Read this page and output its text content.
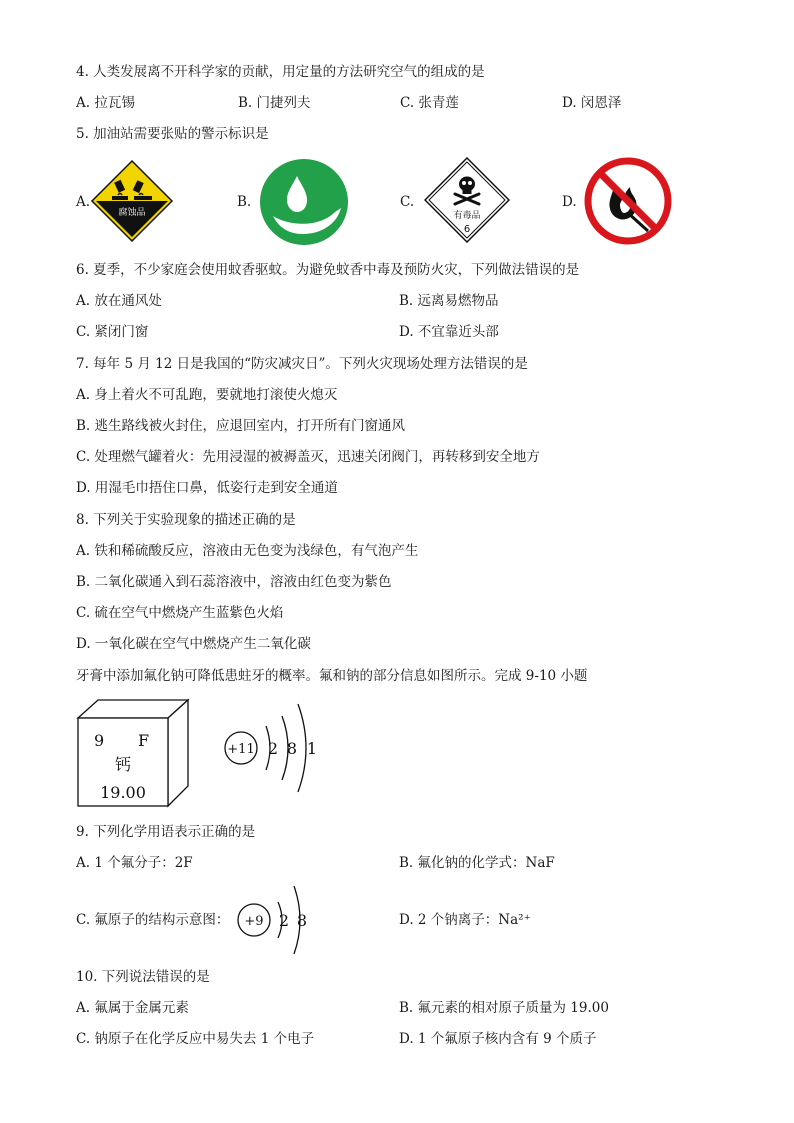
4. 人类发展离不开科学家的贡献，用定量的方法研究空气的组成的是
A. 拉瓦锡	B. 门捷列夫	C. 张青莲	D. 闵恩泽
5. 加油站需要张贴的警示标识是
A.
腐蚀品
B.	C.
有毒品
6
D.
6. 夏季，不少家庭会使用蚊香驱蚊。为避免蚊香中毒及预防火灾，下列做法错误的是
A. 放在通风处	B. 远离易燃物品
C. 紧闭门窗	D. 不宜靠近头部
7. 每年 5 月 12 日是我国的“防灾减灾日”。下列火灾现场处理方法错误的是
A. 身上着火不可乱跑，要就地打滚使火熄灭
B. 逃生路线被火封住，应退回室内，打开所有门窗通风
C. 处理燃气罐着火：先用浸湿的被褥盖灭，迅速关闭阀门，再转移到安全地方
D. 用湿毛巾捂住口鼻，低姿行走到安全通道
8. 下列关于实验现象的描述正确的是
A. 铁和稀硫酸反应，溶液由无色变为浅绿色，有气泡产生
B. 二氧化碳通入到石蕊溶液中，溶液由红色变为紫色
C. 硫在空气中燃烧产生蓝紫色火焰
D. 一氧化碳在空气中燃烧产生二氧化碳
牙膏中添加氟化钠可降低患蛀牙的概率。氟和钠的部分信息如图所示。完成 9-10 小题
9 F
钙
19.00
+11 2 8 1
9. 下列化学用语表示正确的是
A. 1 个氟分子：2F	B. 氟化钠的化学式：NaF
C. 氟原子的结构示意图： +9 2 8	D. 2 个钠离子：Na²⁺
10. 下列说法错误的是
A. 氟属于金属元素	B. 氟元素的相对原子质量为 19.00
C. 钠原子在化学反应中易失去 1 个电子	D. 1 个氟原子核内含有 9 个质子
